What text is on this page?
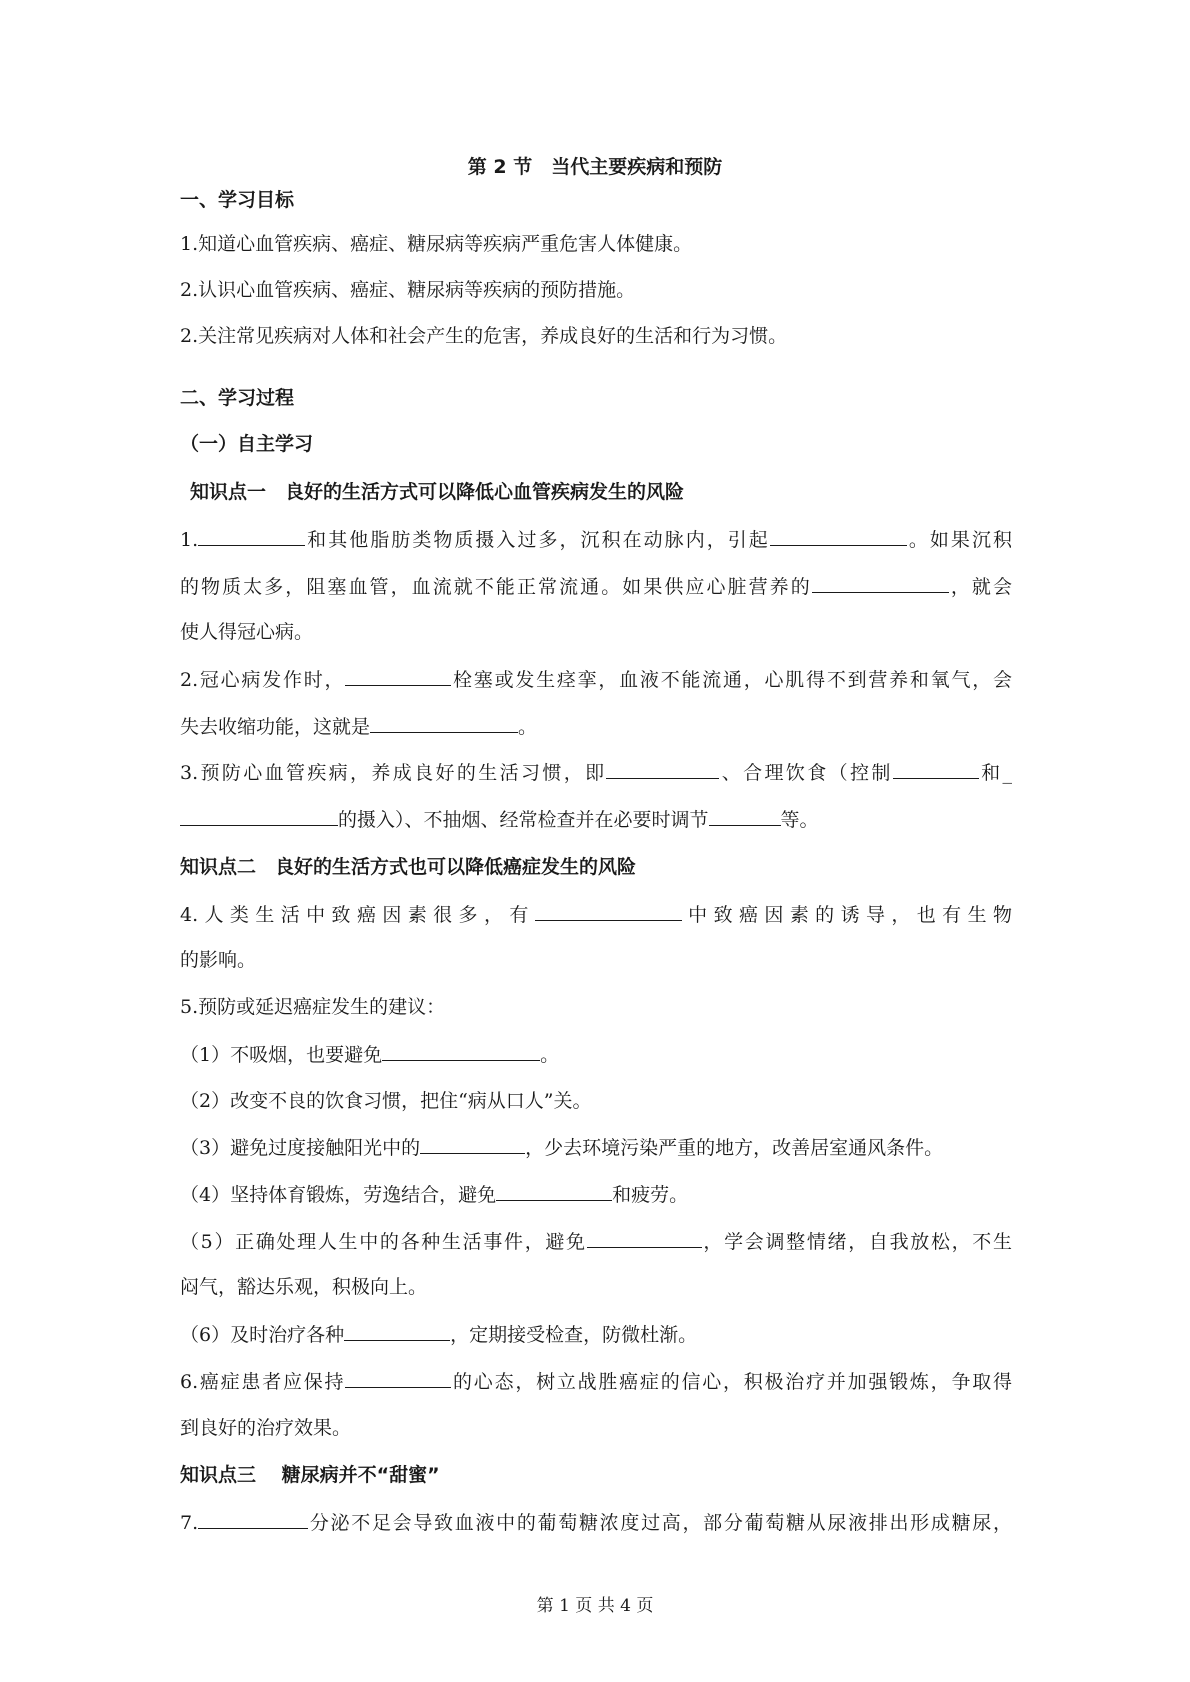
第 2 节　当代主要疾病和预防
一、学习目标
1.知道心血管疾病、癌症、糖尿病等疾病严重危害人体健康。
2.认识心血管疾病、癌症、糖尿病等疾病的预防措施。
2.关注常见疾病对人体和社会产生的危害，养成良好的生活和行为习惯。
二、学习过程
（一）自主学习
知识点一　良好的生活方式可以降低心血管疾病发生的风险
1.	和其他脂肪类物质摄入过多，沉积在动脉内，引起	。如果沉积
的物质太多，阻塞血管，血流就不能正常流通。如果供应心脏营养的	，就会
使人得冠心病。
2.冠心病发作时，	栓塞或发生痉挛，血液不能流通，心肌得不到营养和氧气，会
失去收缩功能，这就是	。
3.预防心血管疾病，养成良好的生活习惯，即	、合理饮食（控制	和_
的摄入）、不抽烟、经常检查并在必要时调节	等。
知识点二　良好的生活方式也可以降低癌症发生的风险
4.人类生活中致癌因素很多，有	中致癌因素的诱导，也有生物
的影响。
5.预防或延迟癌症发生的建议：
（1）不吸烟，也要避免	。
（2）改变不良的饮食习惯，把住“病从口人”关。
（3）避免过度接触阳光中的	，少去环境污染严重的地方，改善居室通风条件。
（4）坚持体育锻炼，劳逸结合，避免	和疲劳。
（5）正确处理人生中的各种生活事件，避免	，学会调整情绪，自我放松，不生
闷气，豁达乐观，积极向上。
（6）及时治疗各种	，定期接受检查，防微杜渐。
6.癌症患者应保持	的心态，树立战胜癌症的信心，积极治疗并加强锻炼，争取得
到良好的治疗效果。
知识点三　 糖尿病并不“甜蜜”
7.	分泌不足会导致血液中的葡萄糖浓度过高，部分葡萄糖从尿液排出形成糖尿，
第 1 页 共 4 页
